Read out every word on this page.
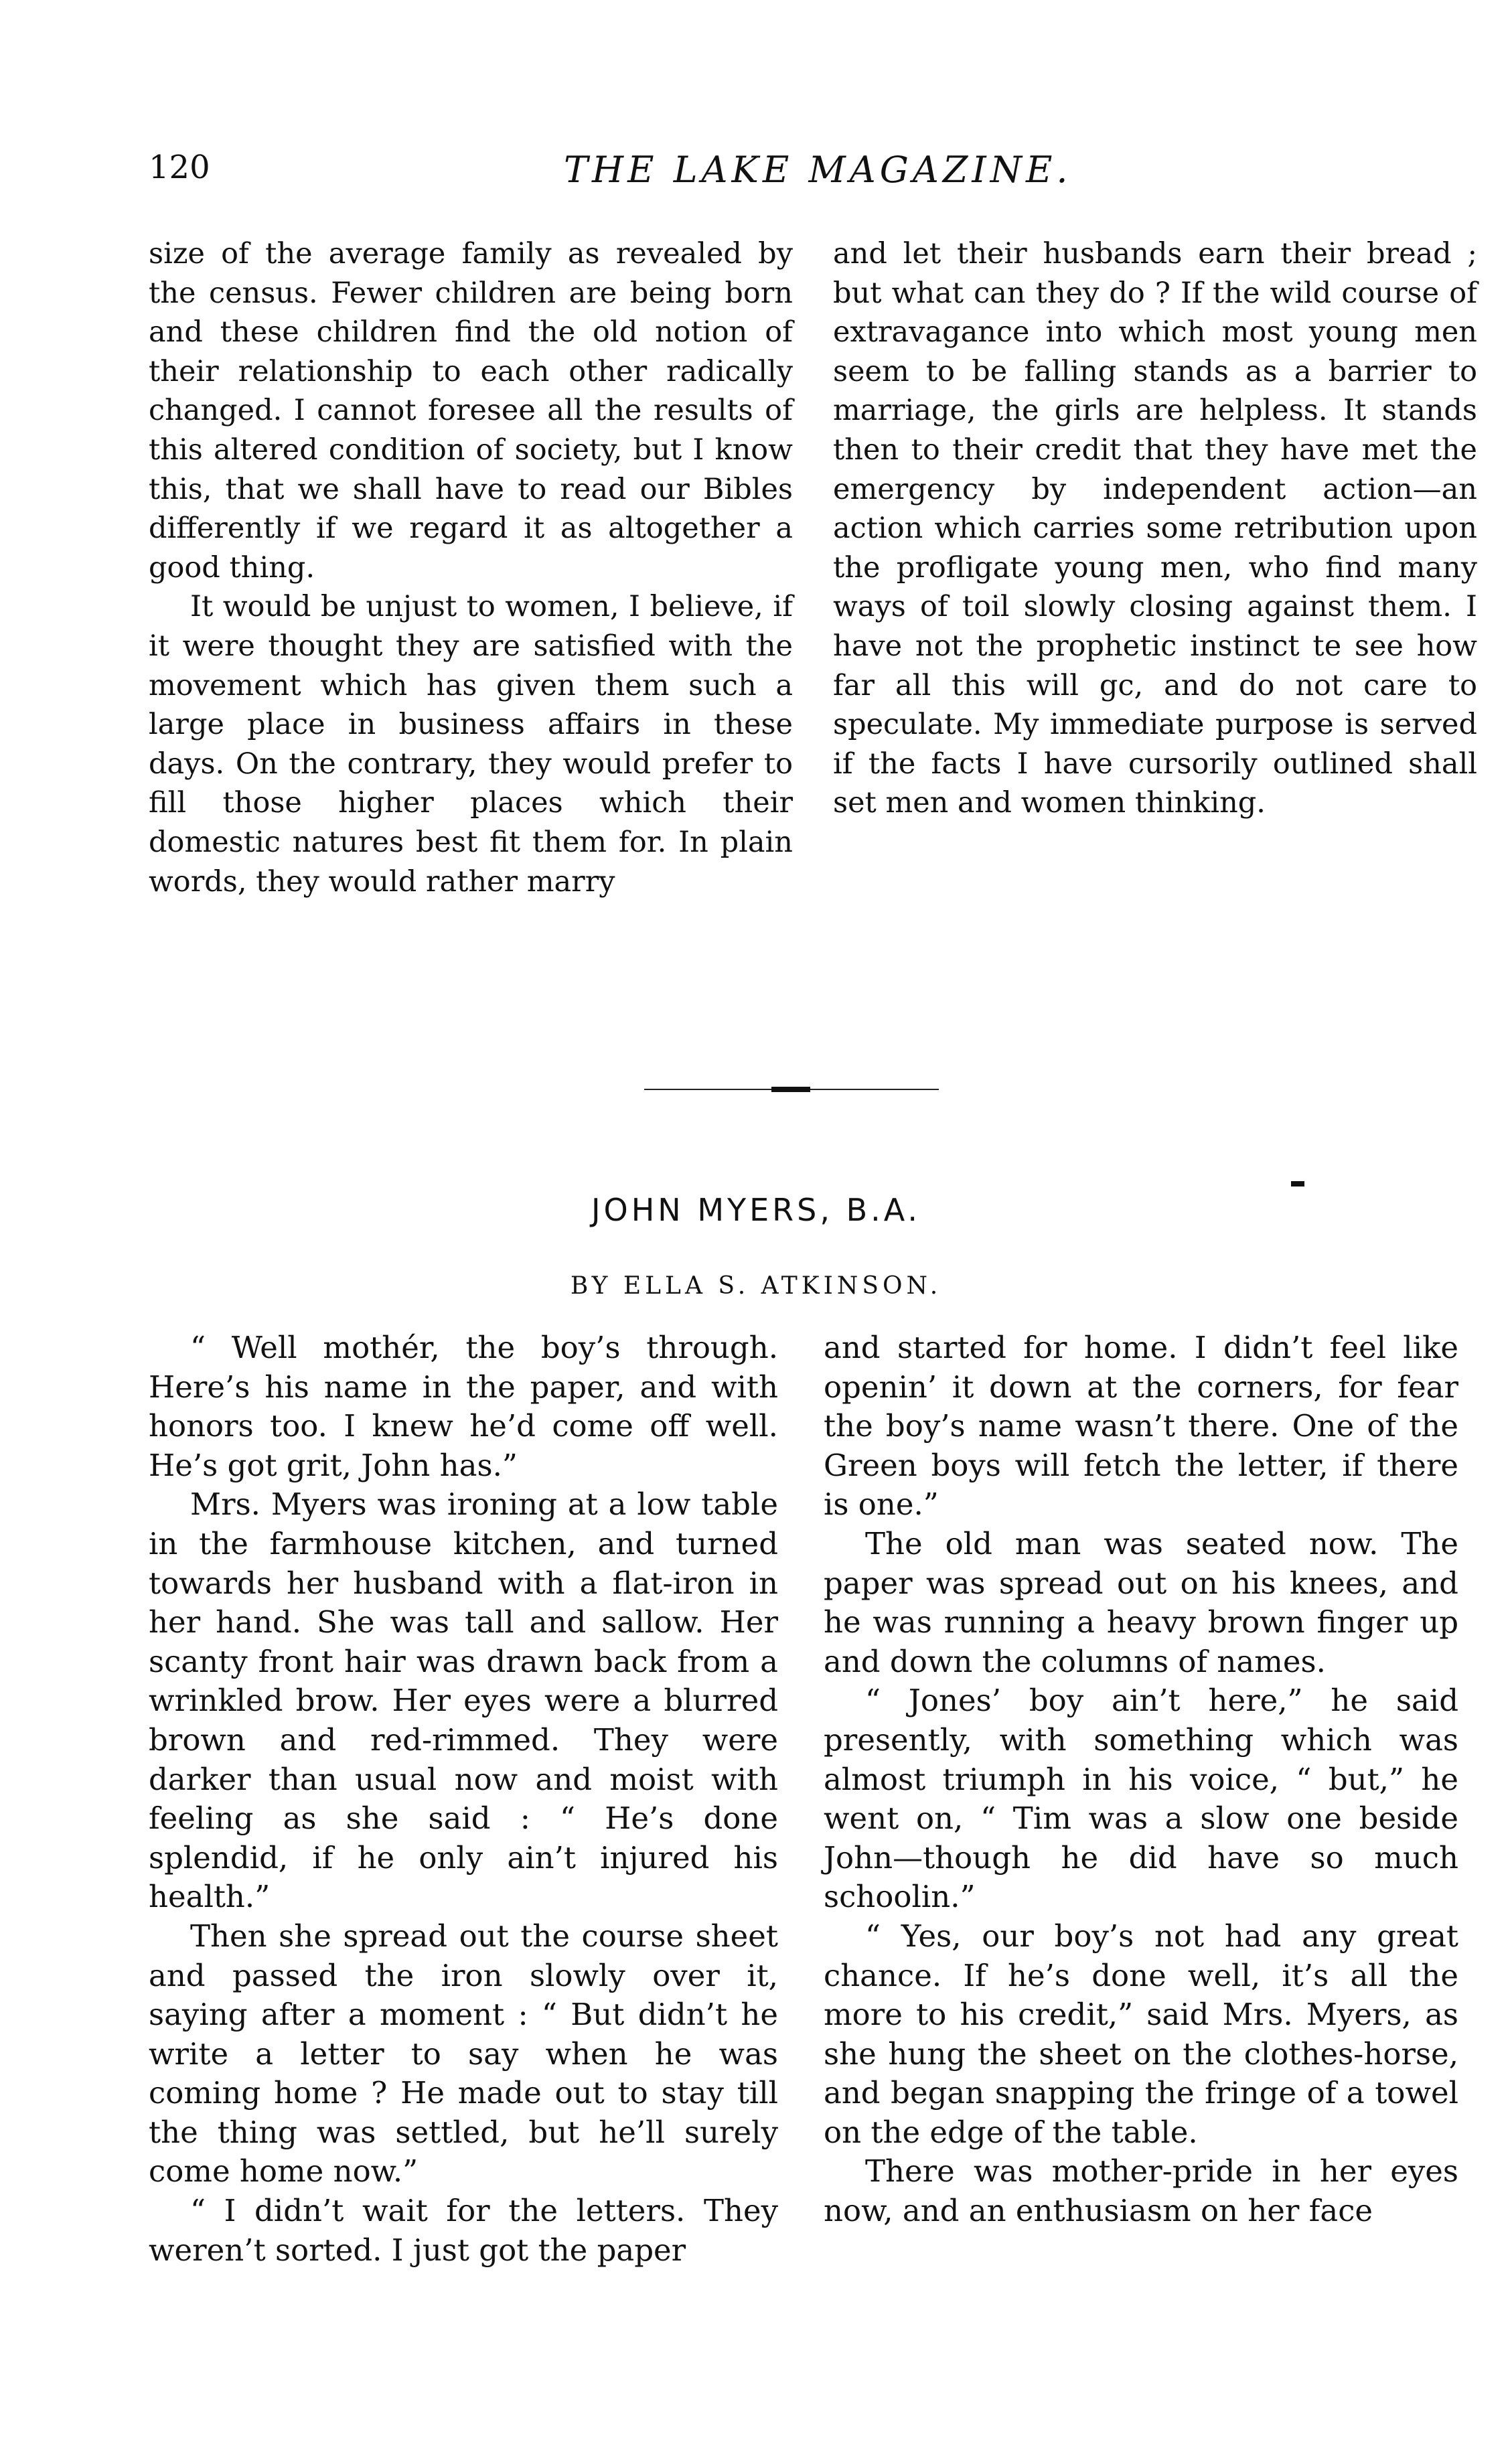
120	THE LAKE MAGAZINE.

size of the average family as revealed by the census. Fewer children are being born and these children find the old notion of their relationship to each other radically changed. I cannot foresee all the results of this altered condition of society, but I know this, that we shall have to read our Bibles differently if we regard it as altogether a good thing.

It would be unjust to women, I believe, if it were thought they are satisfied with the movement which has given them such a large place in business affairs in these days. On the contrary, they would prefer to fill those higher places which their domestic natures best fit them for. In plain words, they would rather marry

and let their husbands earn their bread ; but what can they do ? If the wild course of extravagance into which most young men seem to be falling stands as a barrier to marriage, the girls are helpless. It stands then to their credit that they have met the emergency by independent action—an action which carries some retribution upon the profligate young men, who find many ways of toil slowly closing against them. I have not the prophetic instinct te see how far all this will gc, and do not care to speculate. My immediate purpose is served if the facts I have cursorily outlined shall set men and women thinking.

JOHN MYERS, B.A.
BY ELLA S. ATKINSON.

“ Well mothér, the boy’s through. Here’s his name in the paper, and with honors too. I knew he’d come off well. He’s got grit, John has.”

Mrs. Myers was ironing at a low table in the farmhouse kitchen, and turned towards her husband with a flat-iron in her hand. She was tall and sallow. Her scanty front hair was drawn back from a wrinkled brow. Her eyes were a blurred brown and red-rimmed. They were darker than usual now and moist with feeling as she said : “ He’s done splendid, if he only ain’t injured his health.”

Then she spread out the course sheet and passed the iron slowly over it, saying after a moment : “ But didn’t he write a letter to say when he was coming home ? He made out to stay till the thing was settled, but he’ll surely come home now.”

“ I didn’t wait for the letters. They weren’t sorted. I just got the paper

and started for home. I didn’t feel like openin’ it down at the corners, for fear the boy’s name wasn’t there. One of the Green boys will fetch the letter, if there is one.”

The old man was seated now. The paper was spread out on his knees, and he was running a heavy brown finger up and down the columns of names.

“ Jones’ boy ain’t here,” he said presently, with something which was almost triumph in his voice, “ but,” he went on, “ Tim was a slow one beside John—though he did have so much schoolin.”

“ Yes, our boy’s not had any great chance. If he’s done well, it’s all the more to his credit,” said Mrs. Myers, as she hung the sheet on the clothes-horse, and began snapping the fringe of a towel on the edge of the table.

There was mother-pride in her eyes now, and an enthusiasm on her face
